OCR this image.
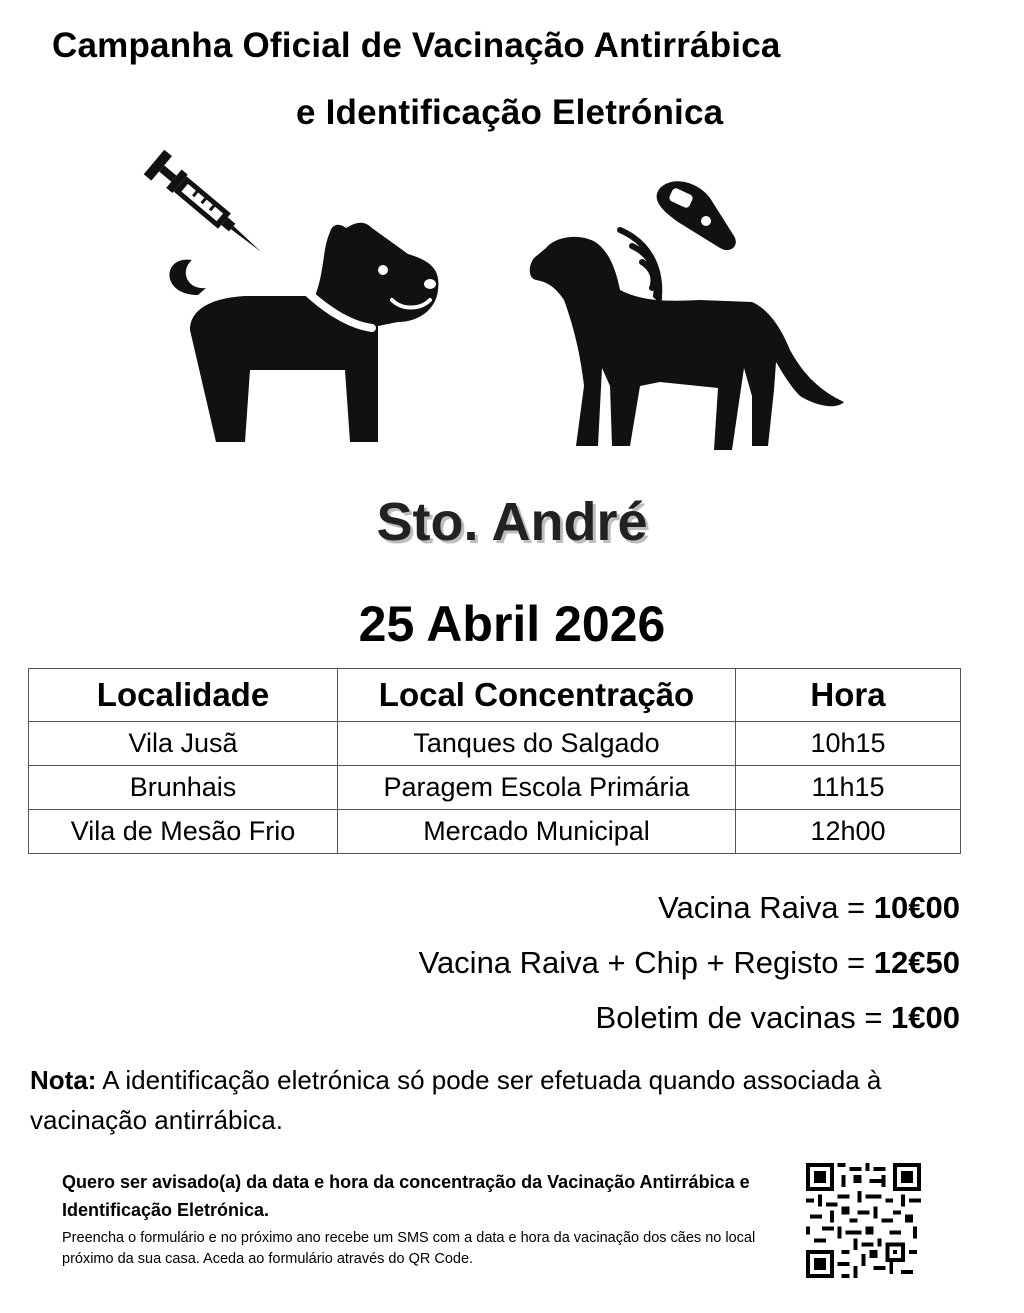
Campanha Oficial de Vacinação Antirrábica
e Identificação Eletrónica
Sto. André
25 Abril 2026
Localidade	Local Concentração	Hora
Vila Jusã	Tanques do Salgado	10h15
Brunhais	Paragem Escola Primária	11h15
Vila de Mesão Frio	Mercado Municipal	12h00
Vacina Raiva = 10€00
Vacina Raiva + Chip + Registo = 12€50
Boletim de vacinas = 1€00
Nota: A identificação eletrónica só pode ser efetuada quando associada à vacinação antirrábica.
Quero ser avisado(a) da data e hora da concentração da Vacinação Antirrábica e Identificação Eletrónica.
Preencha o formulário e no próximo ano recebe um SMS com a data e hora da vacinação dos cães no local próximo da sua casa. Aceda ao formulário através do QR Code.
